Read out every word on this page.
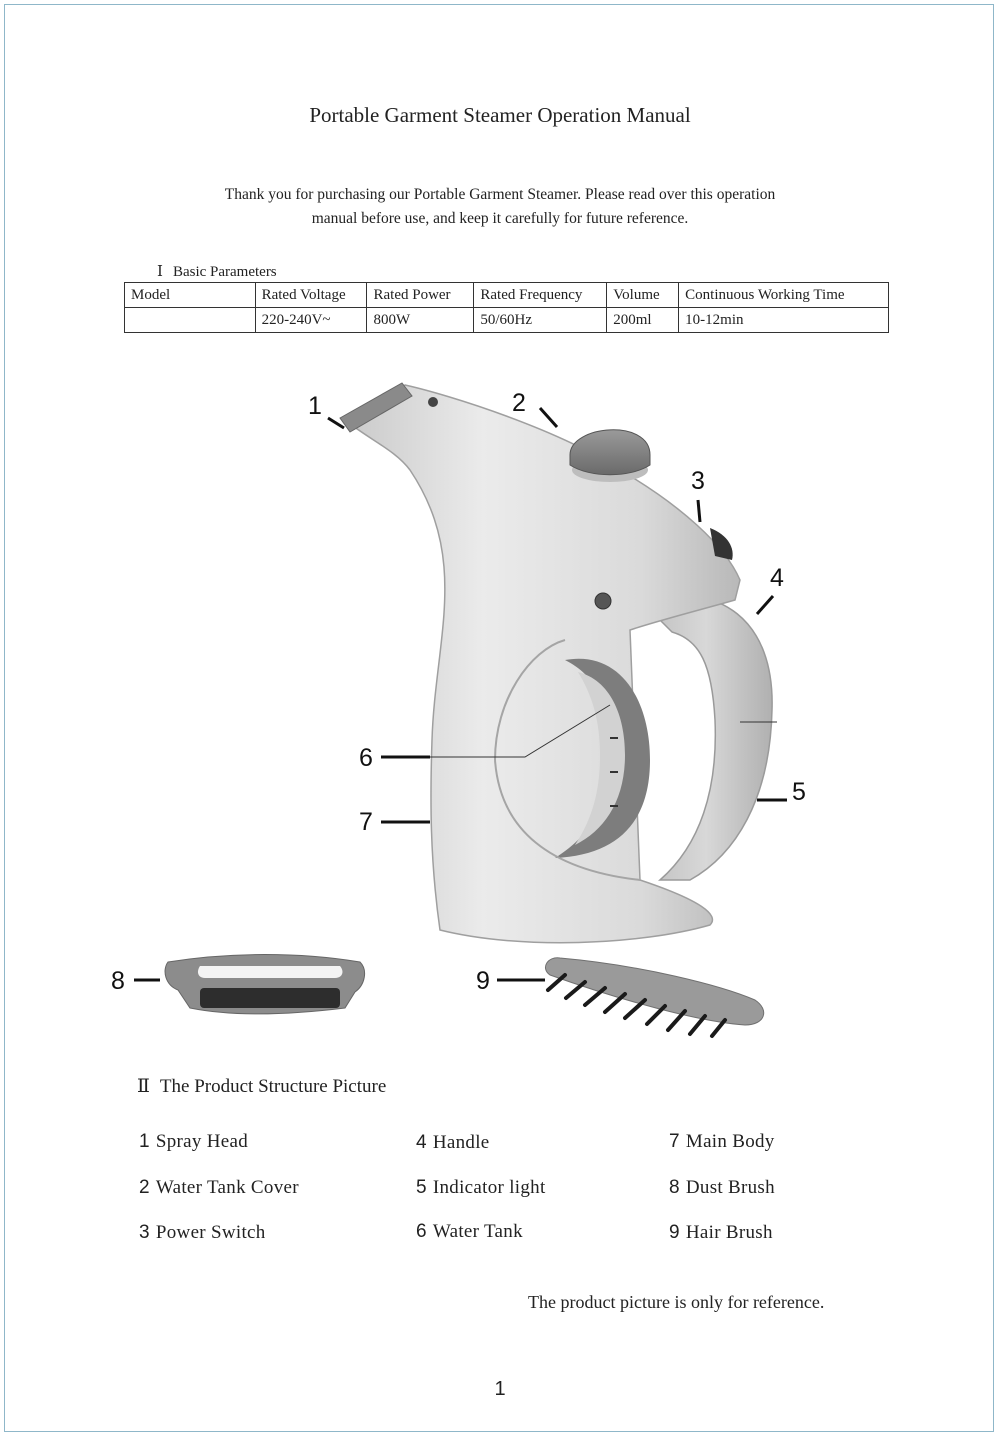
Portable Garment Steamer Operation Manual
Thank you for purchasing our Portable Garment Steamer. Please read over this operation
manual before use, and keep it carefully for future reference.
Ⅰ Basic Parameters
Model	Rated Voltage	Rated Power	Rated Frequency	Volume	Continuous Working Time
	220-240V~	800W	50/60Hz	200ml	10-12min
1	2
3
4
5
6
7
8	9
Ⅱ The Product Structure Picture
1 Spray Head
2 Water Tank Cover
3 Power Switch
4 Handle
5 Indicator light
6 Water Tank
7 Main Body
8 Dust Brush
9 Hair Brush
The product picture is only for reference.
1
